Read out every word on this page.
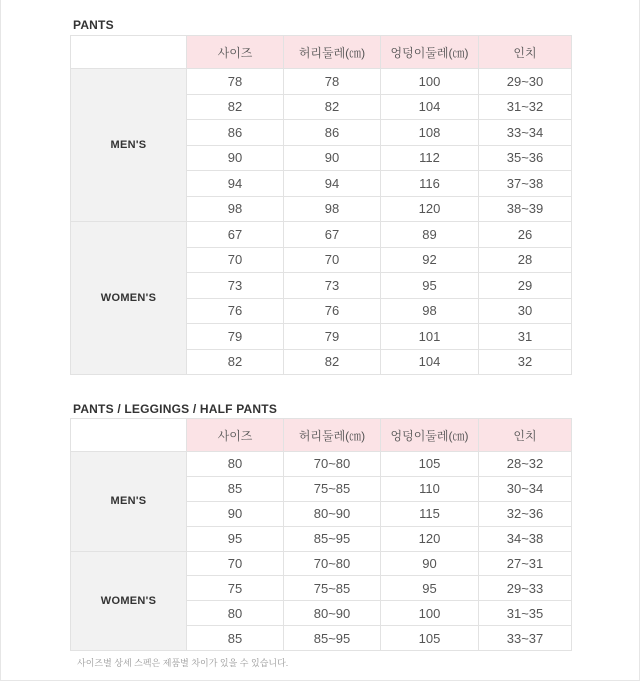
PANTS
	사이즈	허리둘레(㎝)	엉덩이둘레(㎝)	인치
MEN'S	78	78	100	29~30
	82	82	104	31~32
	86	86	108	33~34
	90	90	112	35~36
	94	94	116	37~38
	98	98	120	38~39
WOMEN'S	67	67	89	26
	70	70	92	28
	73	73	95	29
	76	76	98	30
	79	79	101	31
	82	82	104	32
PANTS / LEGGINGS / HALF PANTS
	사이즈	허리둘레(㎝)	엉덩이둘레(㎝)	인치
MEN'S	80	70~80	105	28~32
	85	75~85	110	30~34
	90	80~90	115	32~36
	95	85~95	120	34~38
WOMEN'S	70	70~80	90	27~31
	75	75~85	95	29~33
	80	80~90	100	31~35
	85	85~95	105	33~37
사이즈별 상세 스펙은 제품별 차이가 있을 수 있습니다.
